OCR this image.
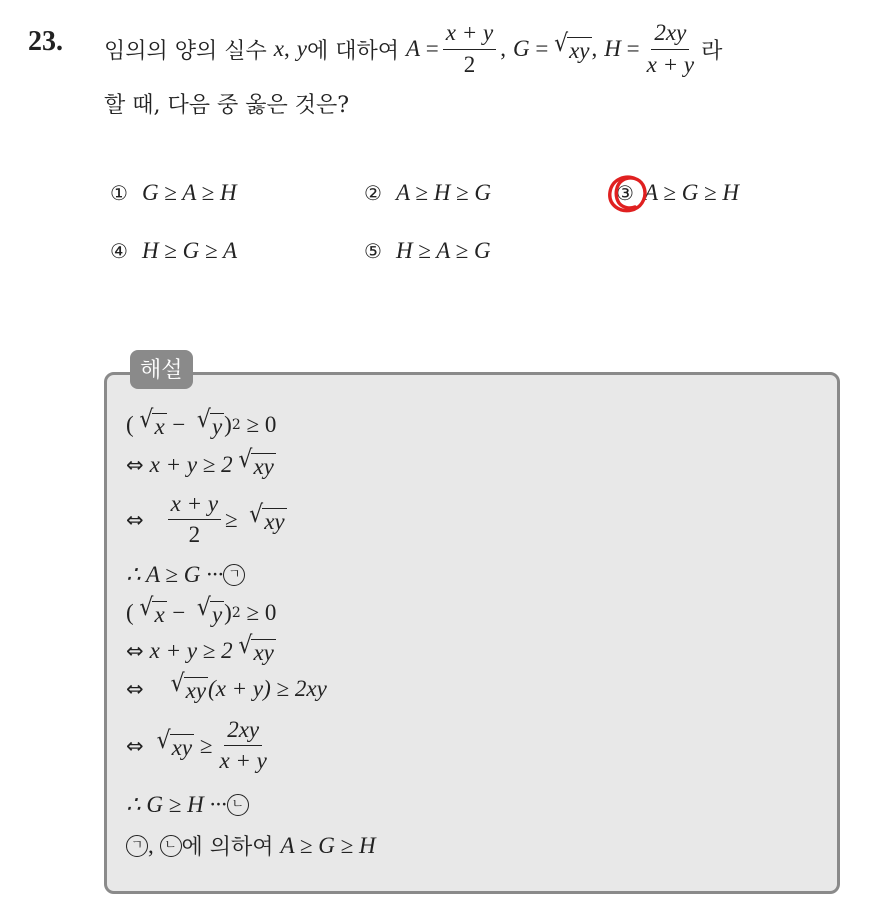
23. 임의의 양의 실수
x ,
y 에 대하여
$A = \frac{x + y}{2}$ ,
G = √ xy ,
$H = \frac{2xy}{x + y}$ 라
할 때, 다음 중 옳은 것은?
① G ≥ A ≥ H	② A ≥ H ≥ G	③ A ≥ G ≥ H
④ H ≥ G ≥ A	⑤ H ≥ A ≥ G
해설
( √ x
−
√ y ) 2
≥ 0
⇔ x + y ≥ 2
√ xy
⇔
$\frac{x + y}{2}$ ≥
√ xy
∴ A ≥ G ··· ㄱ
( √ x
−
√ y ) 2
≥ 0
⇔ x + y ≥ 2
√ xy
⇔
√ xy (x + y) ≥ 2xy
⇔
√ xy
≥ $\frac{2xy}{x + y}$
∴ G ≥ H ··· ㄴ
ㄱ , ㄴ 에 의하여
A ≥ G ≥ H
